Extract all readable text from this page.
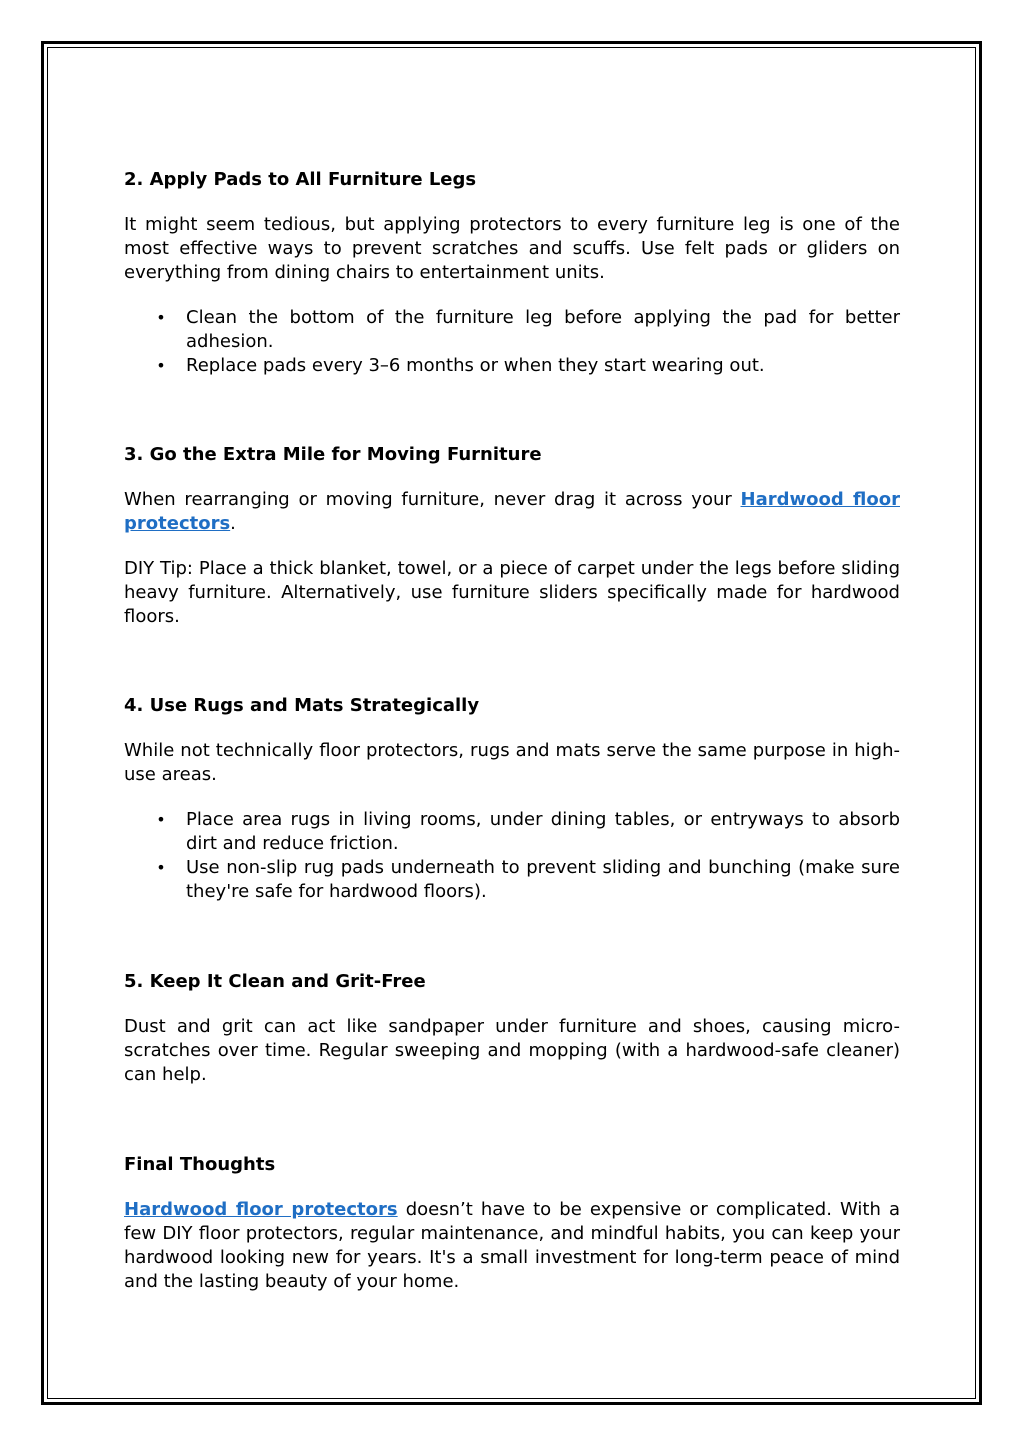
2. Apply Pads to All Furniture Legs

It might seem tedious, but applying protectors to every furniture leg is one of the most effective ways to prevent scratches and scuffs. Use felt pads or gliders on everything from dining chairs to entertainment units.

• Clean the bottom of the furniture leg before applying the pad for better adhesion.
• Replace pads every 3–6 months or when they start wearing out.
3. Go the Extra Mile for Moving Furniture

When rearranging or moving furniture, never drag it across your Hardwood floor protectors.

DIY Tip: Place a thick blanket, towel, or a piece of carpet under the legs before sliding heavy furniture. Alternatively, use furniture sliders specifically made for hardwood floors.

4. Use Rugs and Mats Strategically

While not technically floor protectors, rugs and mats serve the same purpose in high-use areas.

• Place area rugs in living rooms, under dining tables, or entryways to absorb dirt and reduce friction.
• Use non-slip rug pads underneath to prevent sliding and bunching (make sure they're safe for hardwood floors).
5. Keep It Clean and Grit-Free

Dust and grit can act like sandpaper under furniture and shoes, causing micro-scratches over time. Regular sweeping and mopping (with a hardwood-safe cleaner) can help.

Final Thoughts

Hardwood floor protectors doesn’t have to be expensive or complicated. With a few DIY floor protectors, regular maintenance, and mindful habits, you can keep your hardwood looking new for years. It's a small investment for long-term peace of mind and the lasting beauty of your home.
